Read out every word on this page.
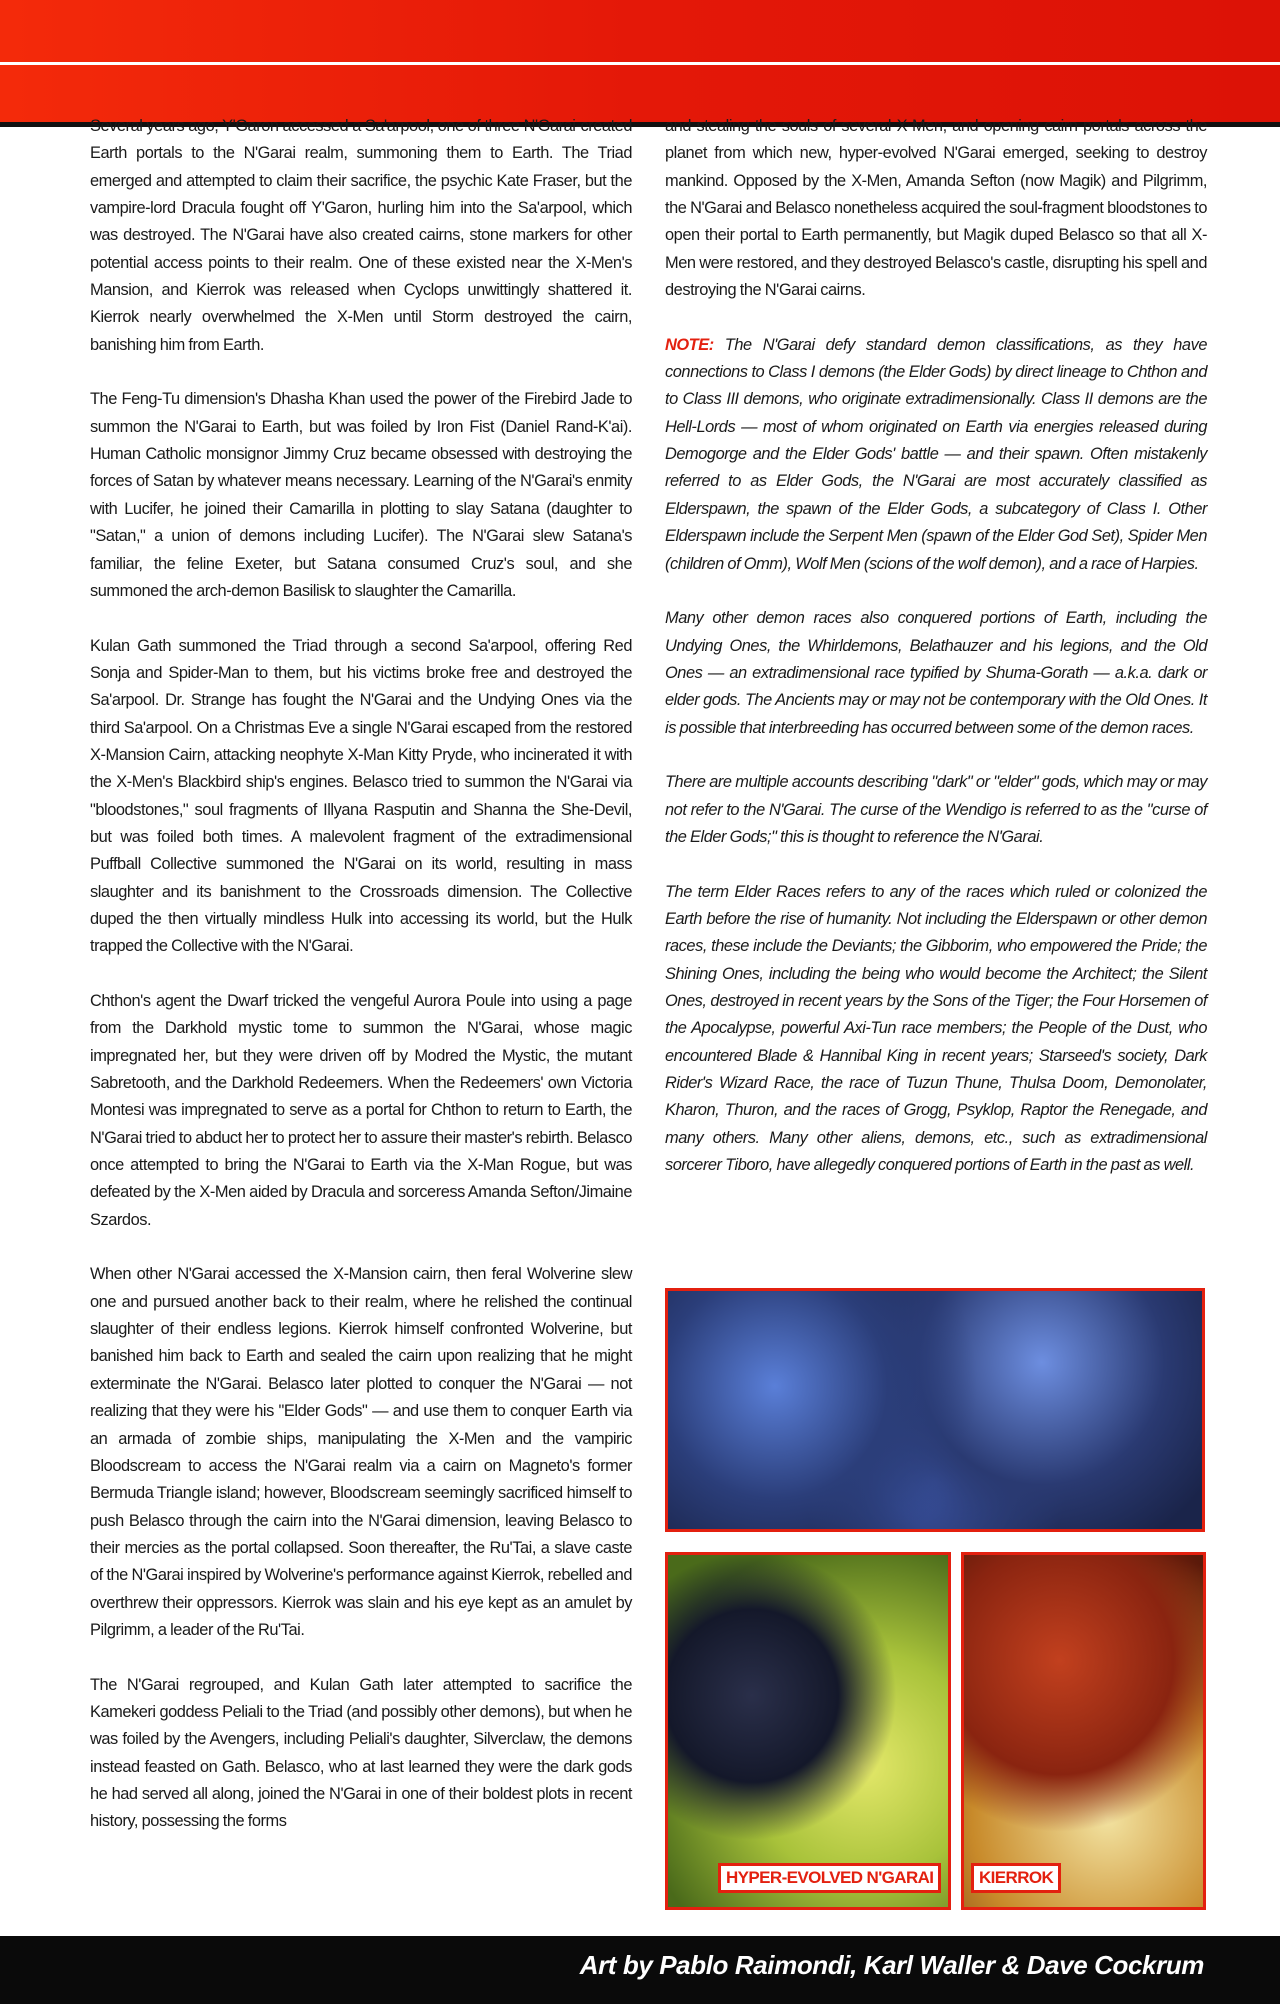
Several years ago, Y'Garon accessed a Sa'arpool, one of three N'Garai-created Earth portals to the N'Garai realm, summoning them to Earth. The Triad emerged and attempted to claim their sacrifice, the psychic Kate Fraser, but the vampire-lord Dracula fought off Y'Garon, hurling him into the Sa'arpool, which was destroyed. The N'Garai have also created cairns, stone markers for other potential access points to their realm. One of these existed near the X-Men's Mansion, and Kierrok was released when Cyclops unwittingly shattered it. Kierrok nearly overwhelmed the X-Men until Storm destroyed the cairn, banishing him from Earth.

The Feng-Tu dimension's Dhasha Khan used the power of the Firebird Jade to summon the N'Garai to Earth, but was foiled by Iron Fist (Daniel Rand-K'ai). Human Catholic monsignor Jimmy Cruz became obsessed with destroying the forces of Satan by whatever means necessary. Learning of the N'Garai's enmity with Lucifer, he joined their Camarilla in plotting to slay Satana (daughter to "Satan," a union of demons including Lucifer). The N'Garai slew Satana's familiar, the feline Exeter, but Satana consumed Cruz's soul, and she summoned the arch-demon Basilisk to slaughter the Camarilla.

Kulan Gath summoned the Triad through a second Sa'arpool, offering Red Sonja and Spider-Man to them, but his victims broke free and destroyed the Sa'arpool. Dr. Strange has fought the N'Garai and the Undying Ones via the third Sa'arpool. On a Christmas Eve a single N'Garai escaped from the restored X-Mansion Cairn, attacking neophyte X-Man Kitty Pryde, who incinerated it with the X-Men's Blackbird ship's engines. Belasco tried to summon the N'Garai via "bloodstones," soul fragments of Illyana Rasputin and Shanna the She-Devil, but was foiled both times. A malevolent fragment of the extradimensional Puffball Collective summoned the N'Garai on its world, resulting in mass slaughter and its banishment to the Crossroads dimension. The Collective duped the then virtually mindless Hulk into accessing its world, but the Hulk trapped the Collective with the N'Garai.

Chthon's agent the Dwarf tricked the vengeful Aurora Poule into using a page from the Darkhold mystic tome to summon the N'Garai, whose magic impregnated her, but they were driven off by Modred the Mystic, the mutant Sabretooth, and the Darkhold Redeemers. When the Redeemers' own Victoria Montesi was impregnated to serve as a portal for Chthon to return to Earth, the N'Garai tried to abduct her to protect her to assure their master's rebirth. Belasco once attempted to bring the N'Garai to Earth via the X-Man Rogue, but was defeated by the X-Men aided by Dracula and sorceress Amanda Sefton/Jimaine Szardos.

When other N'Garai accessed the X-Mansion cairn, then feral Wolverine slew one and pursued another back to their realm, where he relished the continual slaughter of their endless legions. Kierrok himself confronted Wolverine, but banished him back to Earth and sealed the cairn upon realizing that he might exterminate the N'Garai. Belasco later plotted to conquer the N'Garai — not realizing that they were his "Elder Gods" — and use them to conquer Earth via an armada of zombie ships, manipulating the X-Men and the vampiric Bloodscream to access the N'Garai realm via a cairn on Magneto's former Bermuda Triangle island; however, Bloodscream seemingly sacrificed himself to push Belasco through the cairn into the N'Garai dimension, leaving Belasco to their mercies as the portal collapsed. Soon thereafter, the Ru'Tai, a slave caste of the N'Garai inspired by Wolverine's performance against Kierrok, rebelled and overthrew their oppressors. Kierrok was slain and his eye kept as an amulet by Pilgrimm, a leader of the Ru'Tai.

The N'Garai regrouped, and Kulan Gath later attempted to sacrifice the Kamekeri goddess Peliali to the Triad (and possibly other demons), but when he was foiled by the Avengers, including Peliali's daughter, Silverclaw, the demons instead feasted on Gath. Belasco, who at last learned they were the dark gods he had served all along, joined the N'Garai in one of their boldest plots in recent history, possessing the forms

and stealing the souls of several X-Men, and opening cairn portals across the planet from which new, hyper-evolved N'Garai emerged, seeking to destroy mankind. Opposed by the X-Men, Amanda Sefton (now Magik) and Pilgrimm, the N'Garai and Belasco nonetheless acquired the soul-fragment bloodstones to open their portal to Earth permanently, but Magik duped Belasco so that all X-Men were restored, and they destroyed Belasco's castle, disrupting his spell and destroying the N'Garai cairns.

NOTE: The N'Garai defy standard demon classifications, as they have connections to Class I demons (the Elder Gods) by direct lineage to Chthon and to Class III demons, who originate extradimensionally. Class II demons are the Hell-Lords — most of whom originated on Earth via energies released during Demogorge and the Elder Gods' battle — and their spawn. Often mistakenly referred to as Elder Gods, the N'Garai are most accurately classified as Elderspawn, the spawn of the Elder Gods, a subcategory of Class I. Other Elderspawn include the Serpent Men (spawn of the Elder God Set), Spider Men (children of Omm), Wolf Men (scions of the wolf demon), and a race of Harpies.

Many other demon races also conquered portions of Earth, including the Undying Ones, the Whirldemons, Belathauzer and his legions, and the Old Ones — an extradimensional race typified by Shuma-Gorath — a.k.a. dark or elder gods. The Ancients may or may not be contemporary with the Old Ones. It is possible that interbreeding has occurred between some of the demon races.

There are multiple accounts describing "dark" or "elder" gods, which may or may not refer to the N'Garai. The curse of the Wendigo is referred to as the "curse of the Elder Gods;" this is thought to reference the N'Garai.

The term Elder Races refers to any of the races which ruled or colonized the Earth before the rise of humanity. Not including the Elderspawn or other demon races, these include the Deviants; the Gibborim, who empowered the Pride; the Shining Ones, including the being who would become the Architect; the Silent Ones, destroyed in recent years by the Sons of the Tiger; the Four Horsemen of the Apocalypse, powerful Axi-Tun race members; the People of the Dust, who encountered Blade & Hannibal King in recent years; Starseed's society, Dark Rider's Wizard Race, the race of Tuzun Thune, Thulsa Doom, Demonolater, Kharon, Thuron, and the races of Grogg, Psyklop, Raptor the Renegade, and many others. Many other aliens, demons, etc., such as extradimensional sorcerer Tiboro, have allegedly conquered portions of Earth in the past as well.

HYPER-EVOLVED N'GARAI	KIERROK
Art by Pablo Raimondi, Karl Waller & Dave Cockrum
